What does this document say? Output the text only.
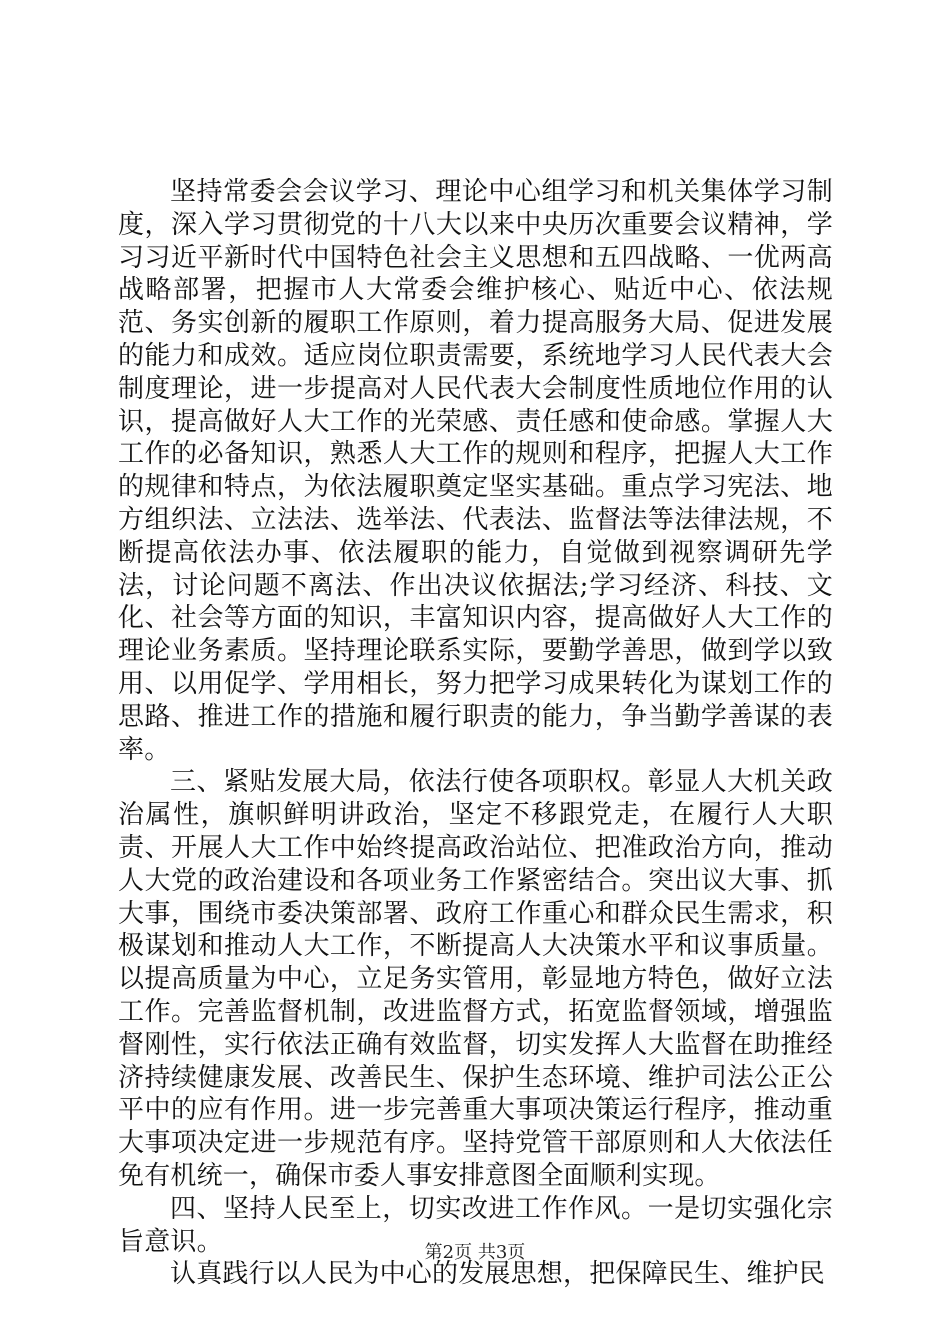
坚持常委会会议学习、理论中心组学习和机关集体学习制度，深入学习贯彻党的十八大以来中央历次重要会议精神，学习习近平新时代中国特色社会主义思想和五四战略、一优两高战略部署，把握市人大常委会维护核心、贴近中心、依法规范、务实创新的履职工作原则，着力提高服务大局、促进发展的能力和成效。适应岗位职责需要，系统地学习人民代表大会制度理论，进一步提高对人民代表大会制度性质地位作用的认识，提高做好人大工作的光荣感、责任感和使命感。掌握人大工作的必备知识，熟悉人大工作的规则和程序，把握人大工作的规律和特点，为依法履职奠定坚实基础。重点学习宪法、地方组织法、立法法、选举法、代表法、监督法等法律法规，不断提高依法办事、依法履职的能力，自觉做到视察调研先学法，讨论问题不离法、作出决议依据法;学习经济、科技、文化、社会等方面的知识，丰富知识内容，提高做好人大工作的理论业务素质。坚持理论联系实际，要勤学善思，做到学以致用、以用促学、学用相长，努力把学习成果转化为谋划工作的思路、推进工作的措施和履行职责的能力，争当勤学善谋的表率。

三、紧贴发展大局，依法行使各项职权。彰显人大机关政治属性，旗帜鲜明讲政治，坚定不移跟党走，在履行人大职责、开展人大工作中始终提高政治站位、把准政治方向，推动人大党的政治建设和各项业务工作紧密结合。突出议大事、抓大事，围绕市委决策部署、政府工作重心和群众民生需求，积极谋划和推动人大工作，不断提高人大决策水平和议事质量。以提高质量为中心，立足务实管用，彰显地方特色，做好立法工作。完善监督机制，改进监督方式，拓宽监督领域，增强监督刚性，实行依法正确有效监督，切实发挥人大监督在助推经济持续健康发展、改善民生、保护生态环境、维护司法公正公平中的应有作用。进一步完善重大事项决策运行程序，推动重大事项决定进一步规范有序。坚持党管干部原则和人大依法任免有机统一，确保市委人事安排意图全面顺利实现。

四、坚持人民至上，切实改进工作作风。一是切实强化宗旨意识。

认真践行以人民为中心的发展思想，把保障民生、维护民

第2页 共3页
